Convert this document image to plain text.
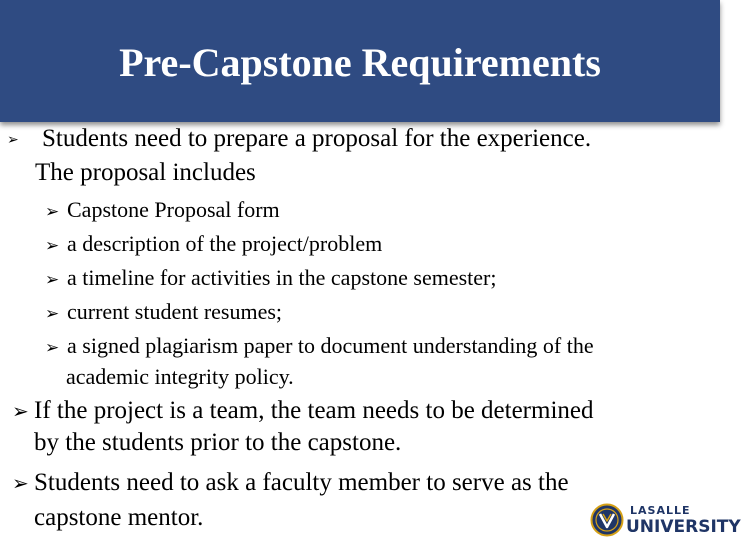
Pre-Capstone Requirements
➢ Students need to prepare a proposal for the experience.
The proposal includes
➢ Capstone Proposal form
➢ a description of the project/problem
➢ a timeline for activities in the capstone semester;
➢ current student resumes;
➢ a signed plagiarism paper to document understanding of the
academic integrity policy.
➢ If the project is a team, the team needs to be determined
by the students prior to the capstone.
➢ Students need to ask a faculty member to serve as the
capstone mentor.	LASALLE
UNIVERSITY
